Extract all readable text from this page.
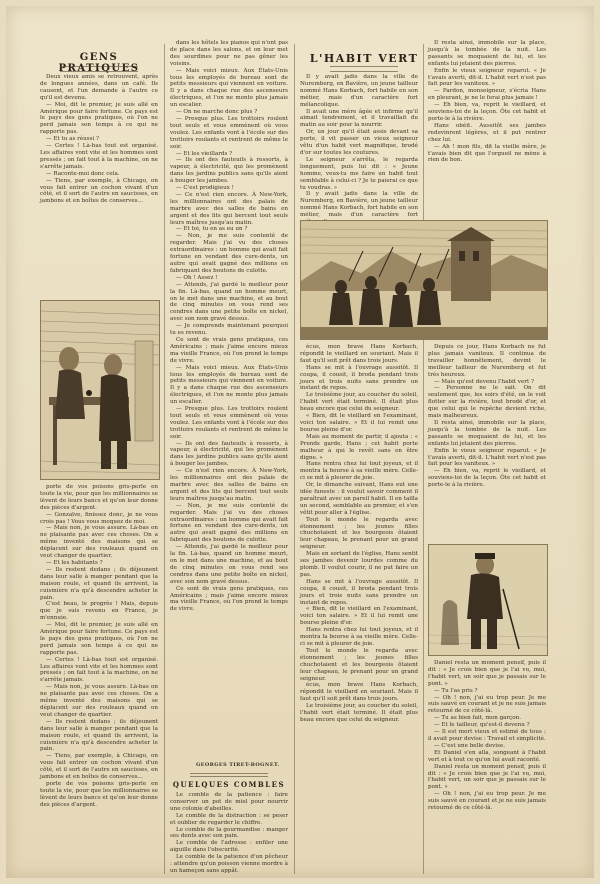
GENS PRATIQUES
L'HABIT VERT

Deux vieux amis se retrouvent, après de longues années, dans un café. Ils causent, et l'un demande à l'autre ce qu'il est devenu.

— Moi, dit le premier, je suis allé en Amérique pour faire fortune. Ce pays est le pays des gens pratiques, où l'on ne perd jamais son temps à ce qui ne rapporte pas.

— Et tu as réussi ?

— Certes ! Là-bas tout est organisé. Les affaires vont vite et les hommes sont pressés ; on fait tout à la machine, on ne s'arrête jamais.

— Raconte-moi donc cela.

— Tiens, par exemple, à Chicago, on vous fait entrer un cochon vivant d'un côté, et il sort de l'autre en saucisses, en jambons et en boîtes de conserves...

porte de vos poisons gris-perle en toute la vie, pour que les millionnaires se lèvent de leurs bancs et qu'on leur donne des pièces d'argent.

— Gonzalve, finissez donc, je ne vous crois pas ! Vous vous moquez de moi.

— Mais non, je vous assure. Là-bas on ne plaisante pas avec ces choses. On a même inventé des maisons qui se déplacent sur des rouleaux quand on veut changer de quartier.

— Et les habitants ?

— Ils restent dedans ; ils déjeunent dans leur salle à manger pendant que la maison roule, et quand ils arrivent, la cuisinière n'a qu'à descendre acheter le pain.

C'est beau, le progrès ! Mais, depuis que je suis revenu en France, je m'ennuie.

— Moi, dit le premier, je suis allé en Amérique pour faire fortune. Ce pays est le pays des gens pratiques, où l'on ne perd jamais son temps à ce qui ne rapporte pas.

— Certes ! Là-bas tout est organisé. Les affaires vont vite et les hommes sont pressés ; on fait tout à la machine, on ne s'arrête jamais.

— Mais non, je vous assure. Là-bas on ne plaisante pas avec ces choses. On a même inventé des maisons qui se déplacent sur des rouleaux quand on veut changer de quartier.

— Ils restent dedans ; ils déjeunent dans leur salle à manger pendant que la maison roule, et quand ils arrivent, la cuisinière n'a qu'à descendre acheter le pain.

— Tiens, par exemple, à Chicago, on vous fait entrer un cochon vivant d'un côté, et il sort de l'autre en saucisses, en jambons et en boîtes de conserves...

porte de vos poisons gris-perle en toute la vie, pour que les millionnaires se lèvent de leurs bancs et qu'on leur donne des pièces d'argent.

dans les hôtels les pianos qui n'ont pas de place dans les salons, et on leur met des sourdines pour ne pas gêner les voisins.

— Mais voici mieux. Aux États-Unis tous les employés de bureau sont de petits messieurs qui viennent en voiture. Il y a dans chaque rue des ascenseurs électriques, et l'on ne monte plus jamais un escalier.

— On ne marche donc plus ?

— Presque plus. Les trottoirs roulent tout seuls et vous emmènent où vous voulez. Les enfants vont à l'école sur des trottoirs roulants et rentrent de même le soir.

— Et les vieillards ?

— Ils ont des fauteuils à ressorts, à vapeur, à électricité, qui les promènent dans les jardins publics sans qu'ils aient à bouger les jambes.

— C'est prodigieux !

— Ce n'est rien encore. À New-York, les millionnaires ont des palais de marbre avec des salles de bains en argent et des lits qui bercent tout seuls leurs maîtres jusqu'au matin.

— Et toi, tu en as eu un ?

— Non, je me suis contenté de regarder. Mais j'ai vu des choses extraordinaires : un homme qui avait fait fortune en vendant des cure-dents, un autre qui avait gagné des millions en fabriquant des boutons de culotte.

— Oh ! Assez !

— Attends, j'ai gardé le meilleur pour la fin. Là-bas, quand un homme meurt, on le met dans une machine, et au bout de cinq minutes on vous rend ses cendres dans une petite boîte en nickel, avec son nom gravé dessus.

— Je comprends maintenant pourquoi tu es revenu.

Ce sont de vrais gens pratiques, ces Américains ; mais j'aime encore mieux ma vieille France, où l'on prend le temps de vivre.

— Mais voici mieux. Aux États-Unis tous les employés de bureau sont de petits messieurs qui viennent en voiture. Il y a dans chaque rue des ascenseurs électriques, et l'on ne monte plus jamais un escalier.

— Presque plus. Les trottoirs roulent tout seuls et vous emmènent où vous voulez. Les enfants vont à l'école sur des trottoirs roulants et rentrent de même le soir.

— Ils ont des fauteuils à ressorts, à vapeur, à électricité, qui les promènent dans les jardins publics sans qu'ils aient à bouger les jambes.

— Ce n'est rien encore. À New-York, les millionnaires ont des palais de marbre avec des salles de bains en argent et des lits qui bercent tout seuls leurs maîtres jusqu'au matin.

— Non, je me suis contenté de regarder. Mais j'ai vu des choses extraordinaires : un homme qui avait fait fortune en vendant des cure-dents, un autre qui avait gagné des millions en fabriquant des boutons de culotte.

— Attends, j'ai gardé le meilleur pour la fin. Là-bas, quand un homme meurt, on le met dans une machine, et au bout de cinq minutes on vous rend ses cendres dans une petite boîte en nickel, avec son nom gravé dessus.

Ce sont de vrais gens pratiques, ces Américains ; mais j'aime encore mieux ma vieille France, où l'on prend le temps de vivre.

GEORGES TIRET-BOGNET.
QUELQUES COMBLES

Le comble de la patience : faire conserver un pot de miel pour nourrir une colonie d'abeilles.

Le comble de la distraction : se peser et oublier de regarder le chiffre.

Le comble de la gourmandise : manger ses dents avec son pain.

Le comble de l'adresse : enfiler une aiguille dans l'obscurité.

Le comble de la patience d'un pêcheur : attendre qu'un poisson vienne mordre à un hameçon sans appât.

Il y avait jadis dans la ville de Nuremberg, en Bavière, un jeune tailleur nommé Hans Korbach, fort habile en son métier, mais d'un caractère fort mélancolique.

Il avait une mère âgée et infirme qu'il aimait tendrement, et il travaillait du matin au soir pour la nourrir.

Or, un jour qu'il était assis devant sa porte, il vit passer un vieux seigneur vêtu d'un habit vert magnifique, brodé d'or sur toutes les coutures.

Le seigneur s'arrêta, le regarda longuement, puis lui dit : « Jeune homme, veux-tu me faire un habit tout semblable à celui-ci ? Je te paierai ce que tu voudras. »

Il y avait jadis dans la ville de Nuremberg, en Bavière, un jeune tailleur nommé Hans Korbach, fort habile en son métier, mais d'un caractère fort

écus, mon brave Hans Korbach, répondit le vieillard en souriant. Mais il faut qu'il soit prêt dans trois jours.

Hans se mit à l'ouvrage aussitôt. Il coupa, il cousit, il broda pendant trois jours et trois nuits sans prendre un instant de repos.

Le troisième jour, au coucher du soleil, l'habit vert était terminé. Il était plus beau encore que celui du seigneur.

« Bien, dit le vieillard en l'examinant, voici ton salaire. » Et il lui remit une bourse pleine d'or.

Mais au moment de partir, il ajouta : « Prends garde, Hans ; cet habit porte malheur à qui le revêt sans en être digne. »

Hans rentra chez lui tout joyeux, et il montra la bourse à sa vieille mère. Celle-ci se mit à pleurer de joie.

Or, le dimanche suivant, Hans eut une idée funeste : il voulut savoir comment il paraîtrait avec un pareil habit. Il en tailla un second, semblable au premier, et s'en vêtit pour aller à l'église.

Tout le monde le regarda avec étonnement ; les jeunes filles chuchotaient et les bourgeois ôtaient leur chapeau, le prenant pour un grand seigneur.

Mais en sortant de l'église, Hans sentit ses jambes devenir lourdes comme du plomb. Il voulut courir, il ne put faire un pas.

Hans se mit à l'ouvrage aussitôt. Il coupa, il cousit, il broda pendant trois jours et trois nuits sans prendre un instant de repos.

« Bien, dit le vieillard en l'examinant, voici ton salaire. » Et il lui remit une bourse pleine d'or.

Hans rentra chez lui tout joyeux, et il montra la bourse à sa vieille mère. Celle-ci se mit à pleurer de joie.

Tout le monde le regarda avec étonnement ; les jeunes filles chuchotaient et les bourgeois ôtaient leur chapeau, le prenant pour un grand seigneur.

écus, mon brave Hans Korbach, répondit le vieillard en souriant. Mais il faut qu'il soit prêt dans trois jours.

Le troisième jour, au coucher du soleil, l'habit vert était terminé. Il était plus beau encore que celui du seigneur.

Il resta ainsi, immobile sur la place, jusqu'à la tombée de la nuit. Les passants se moquaient de lui, et les enfants lui jetaient des pierres.

Enfin le vieux seigneur reparut. « Je t'avais averti, dit-il. L'habit vert n'est pas fait pour les vaniteux. »

— Pardon, monseigneur, s'écria Hans en pleurant, je ne le ferai plus jamais !

— Eh bien, va, reprit le vieillard, et souviens-toi de la leçon. Ôte cet habit et porte-le à la rivière.

Hans obéit. Aussitôt ses jambes redevinrent légères, et il put rentrer chez lui.

— Ah ! mon fils, dit la vieille mère, je t'avais bien dit que l'orgueil ne mène à rien de bon.

Depuis ce jour, Hans Korbach ne fut plus jamais vaniteux. Il continua de travailler honnêtement, devint le meilleur tailleur de Nuremberg et fut très heureux.

— Mais qu'est devenu l'habit vert ?

— Personne ne le sait. On dit seulement que, les soirs d'été, on le voit flotter sur la rivière, tout brodé d'or, et que celui qui le repêche devient riche, mais malheureux.

Il resta ainsi, immobile sur la place, jusqu'à la tombée de la nuit. Les passants se moquaient de lui, et les enfants lui jetaient des pierres.

Enfin le vieux seigneur reparut. « Je t'avais averti, dit-il. L'habit vert n'est pas fait pour les vaniteux. »

— Eh bien, va, reprit le vieillard, et souviens-toi de la leçon. Ôte cet habit et porte-le à la rivière.

Daniel resta un moment pensif, puis il dit : « Je crois bien que je l'ai vu, moi, l'habit vert, un soir que je passais sur le pont. »

— Tu l'as pris ?

— Oh ! non, j'ai eu trop peur. Je me suis sauvé en courant et je ne suis jamais retourné de ce côté-là.

— Tu as bien fait, mon garçon.

— Et le tailleur, qu'est-il devenu ?

— Il est mort vieux et estimé de tous ; il avait pour devise : Travail et simplicité.

— C'est une belle devise.

Et Daniel s'en alla, songeant à l'habit vert et à tout ce qu'on lui avait raconté.

Daniel resta un moment pensif, puis il dit : « Je crois bien que je l'ai vu, moi, l'habit vert, un soir que je passais sur le pont. »

— Oh ! non, j'ai eu trop peur. Je me suis sauvé en courant et je ne suis jamais retourné de ce côté-là.
